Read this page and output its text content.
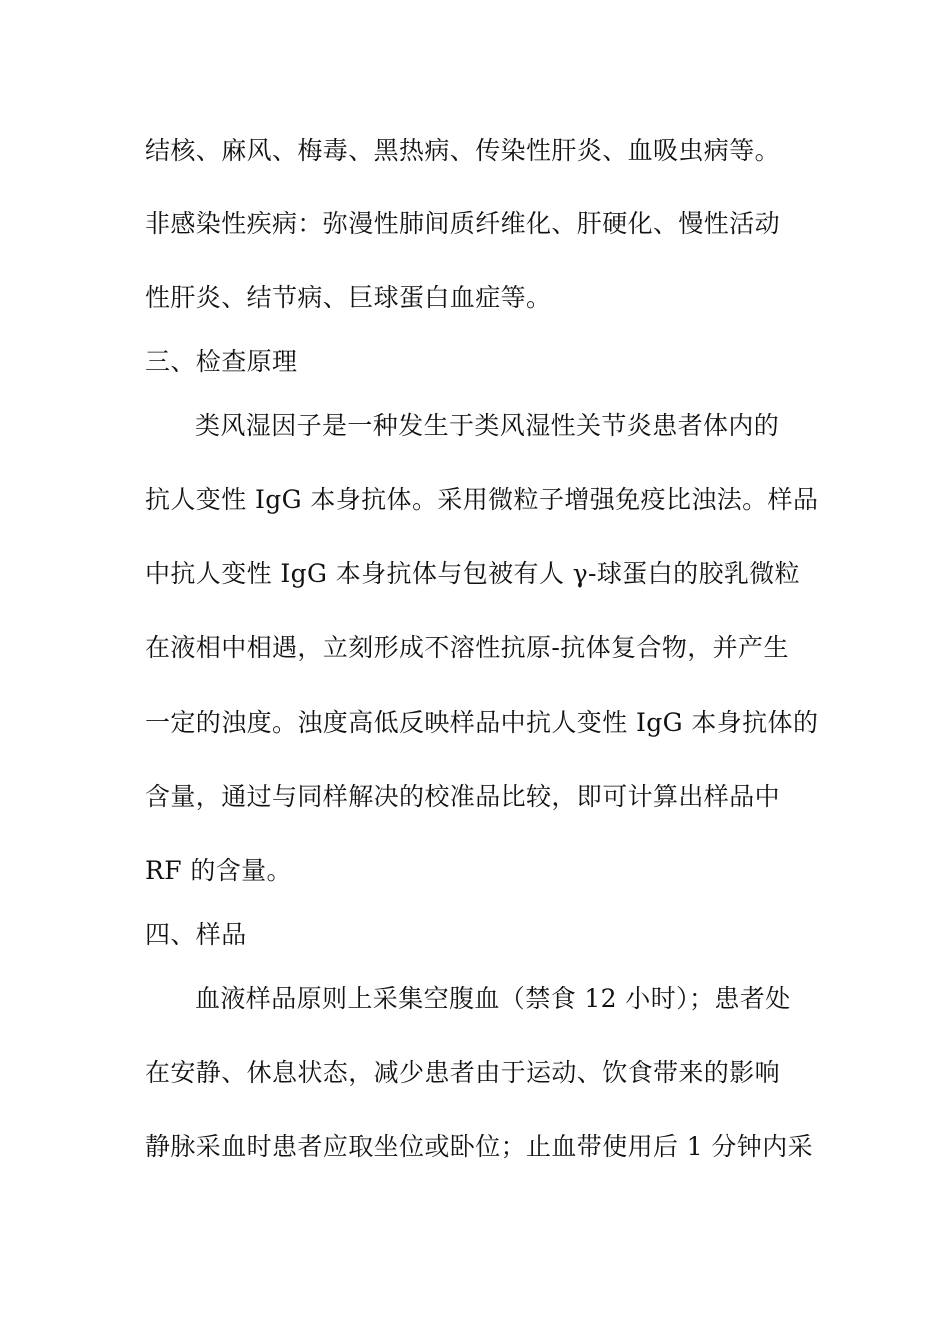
结核、麻风、梅毒、黑热病、传染性肝炎、血吸虫病等。
非感染性疾病：弥漫性肺间质纤维化、肝硬化、慢性活动
性肝炎、结节病、巨球蛋白血症等。
三、检查原理
类风湿因子是一种发生于类风湿性关节炎患者体内的
抗人变性 IgG 本身抗体。采用微粒子增强免疫比浊法。样品
中抗人变性 IgG 本身抗体与包被有人 γ-球蛋白的胶乳微粒
在液相中相遇，立刻形成不溶性抗原-抗体复合物，并产生
一定的浊度。浊度高低反映样品中抗人变性 IgG 本身抗体的
含量，通过与同样解决的校准品比较，即可计算出样品中
RF 的含量。
四、样品
血液样品原则上采集空腹血（禁食 12 小时）；患者处
在安静、休息状态，减少患者由于运动、饮食带来的影响
静脉采血时患者应取坐位或卧位；止血带使用后 1 分钟内采
